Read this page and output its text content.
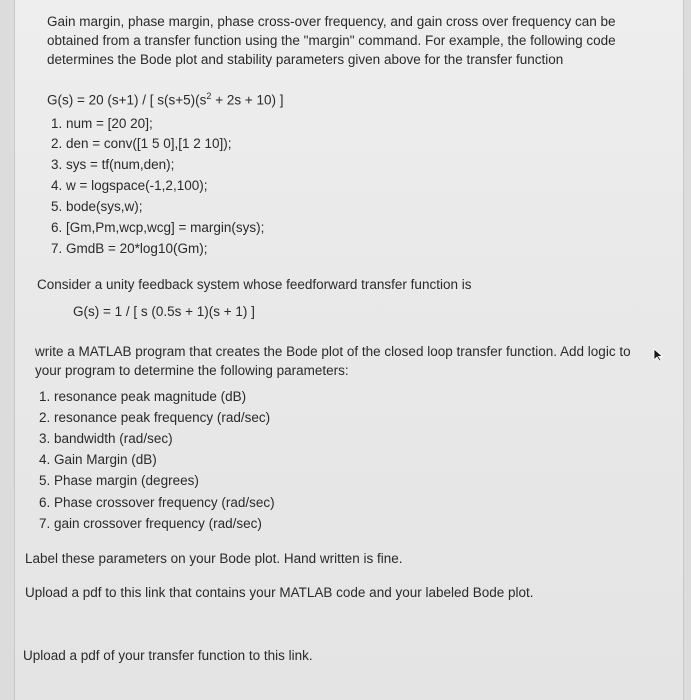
Gain margin, phase margin, phase cross-over frequency, and gain cross over frequency can be obtained from a transfer function using the "margin" command. For example, the following code determines the Bode plot and stability parameters given above for the transfer function

G(s) = 20 (s+1) / [ $s(s+5)(s^2 + 2s + 10)$ ]
1. num = [20 20];
2. den = conv([1 5 0],[1 2 10]);
3. sys = tf(num,den);
4. w = logspace(-1,2,100);
5. bode(sys,w);
6. [Gm,Pm,wcp,wcg] = margin(sys);
7. GmdB = 20*log10(Gm);
Consider a unity feedback system whose feedforward transfer function is
G(s) = 1 / [ s (0.5s + 1)(s + 1) ]

write a MATLAB program that creates the Bode plot of the closed loop transfer function. Add logic to your program to determine the following parameters:

1. resonance peak magnitude (dB)
2. resonance peak frequency (rad/sec)
3. bandwidth (rad/sec)
4. Gain Margin (dB)
5. Phase margin (degrees)
6. Phase crossover frequency (rad/sec)
7. gain crossover frequency (rad/sec)
Label these parameters on your Bode plot. Hand written is fine.
Upload a pdf to this link that contains your MATLAB code and your labeled Bode plot.
Upload a pdf of your transfer function to this link.
